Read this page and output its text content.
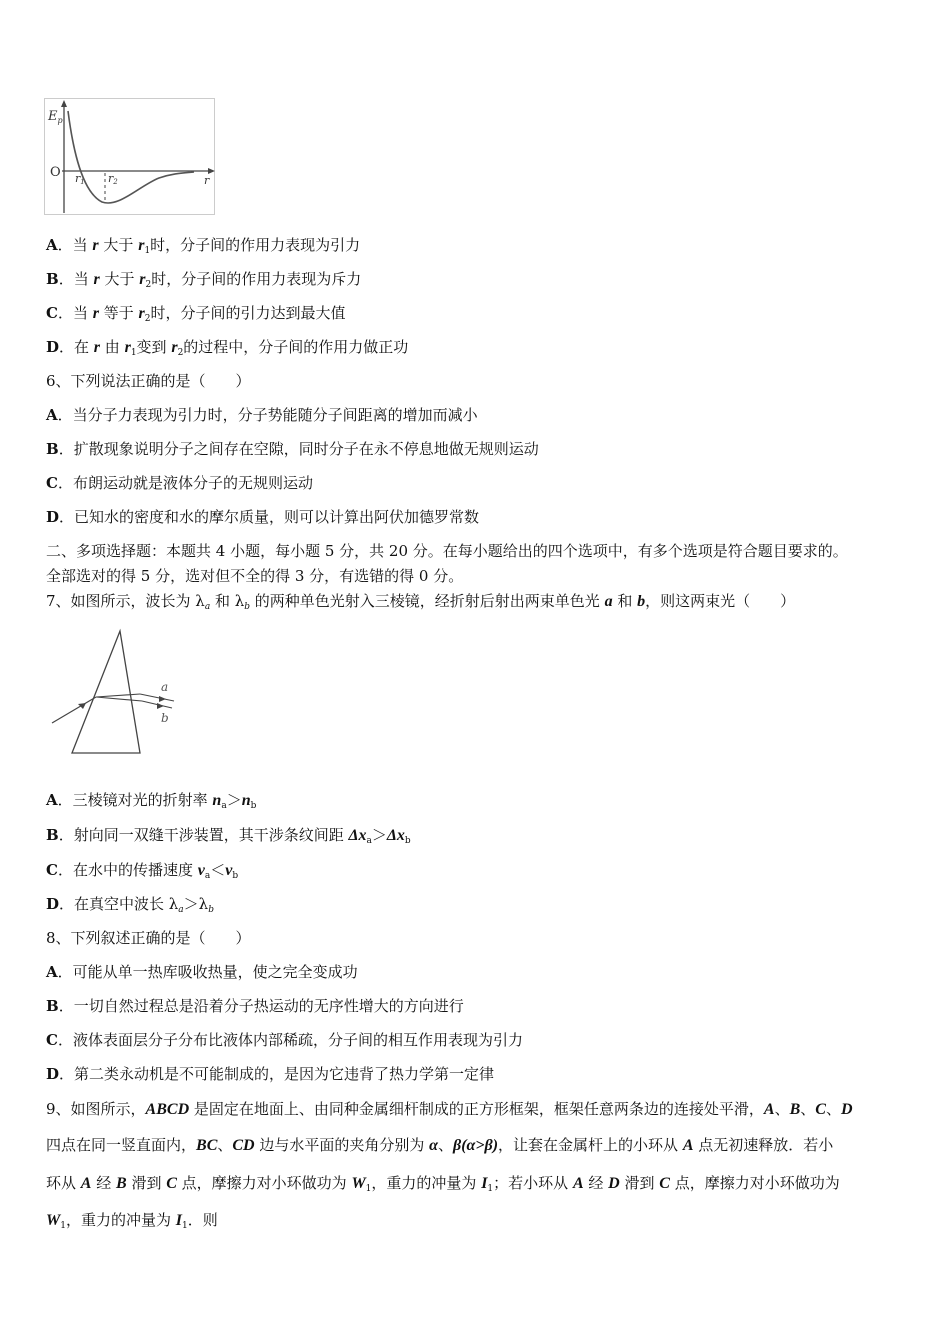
$E_p$
O r1 r2	r
a
b
A．当 r 大于 $r_1$时，分子间的作用力表现为引力
B．当 r 大于 $r_2$时，分子间的作用力表现为斥力
C．当 r 等于 $r_2$时，分子间的引力达到最大值
D．在 r 由 $r_1$变到 $r_2$的过程中，分子间的作用力做正功
6、下列说法正确的是（　　）
A．当分子力表现为引力时，分子势能随分子间距离的增加而减小
B．扩散现象说明分子之间存在空隙，同时分子在永不停息地做无规则运动
C．布朗运动就是液体分子的无规则运动
D．已知水的密度和水的摩尔质量，则可以计算出阿伏加德罗常数
二、多项选择题：本题共 4 小题，每小题 5 分，共 20 分。在每小题给出的四个选项中，有多个选项是符合题目要求的。
全部选对的得 5 分，选对但不全的得 3 分，有选错的得 0 分。
7、如图所示，波长为 $\lambda_a$ 和 $\lambda_b$ 的两种单色光射入三棱镜，经折射后射出两束单色光 a 和 b，则这两束光（　　）
A．三棱镜对光的折射率 $n_a>n_b$
B．射向同一双缝干涉装置，其干涉条纹间距 $\Delta x_a>\Delta x_b$
C．在水中的传播速度 $v_a<v_b$
D．在真空中波长 $\lambda_a>\lambda_b$
8、下列叙述正确的是（　　）
A．可能从单一热库吸收热量，使之完全变成功
B．一切自然过程总是沿着分子热运动的无序性增大的方向进行
C．液体表面层分子分布比液体内部稀疏，分子间的相互作用表现为引力
D．第二类永动机是不可能制成的，是因为它违背了热力学第一定律
9、如图所示，ABCD 是固定在地面上、由同种金属细杆制成的正方形框架，框架任意两条边的连接处平滑，A、B、C、D
四点在同一竖直面内，BC、CD 边与水平面的夹角分别为 α、β(α>β)，让套在金属杆上的小环从 A 点无初速释放．若小
环从 A 经 B 滑到 C 点，摩擦力对小环做功为 $W_1$，重力的冲量为 $I_1$；若小环从 A 经 D 滑到 C 点，摩擦力对小环做功为
$W_1$，重力的冲量为 $I_1$．则
